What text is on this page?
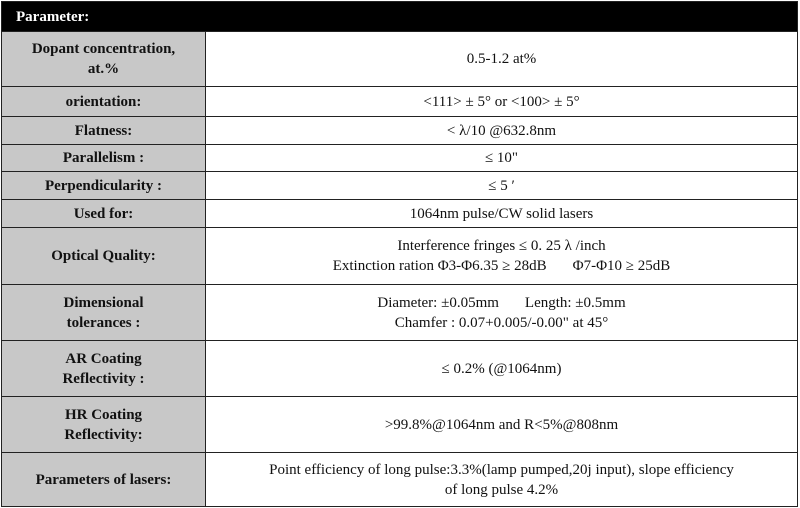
Parameter:	

Dopant concentration,
at.%	0.5-1.2 at%
orientation:	<111> ± 5° or <100> ± 5°
Flatness:	< λ/10 @632.8nm
Parallelism :	≤ 10"
Perpendicularity :	≤ 5 ′
Used for:	1064nm pulse/CW solid lasers
Optical Quality:	Interference fringes ≤ 0. 25 λ /inch
Extinction ration Φ3-Φ6.35 ≥ 28dB Φ7-Φ10 ≥ 25dB

Dimensional
tolerances :	Diameter: ±0.05mm Length: ±0.5mm
Chamfer : 0.07+0.005/-0.00" at 45°

AR Coating
Reflectivity :	≤ 0.2% (@1064nm)

HR Coating
Reflectivity:	>99.8%@1064nm and R<5%@808nm
Parameters of lasers:	Point efficiency of long pulse:3.3%(lamp pumped,20j input), slope efficiency
of long pulse 4.2%
